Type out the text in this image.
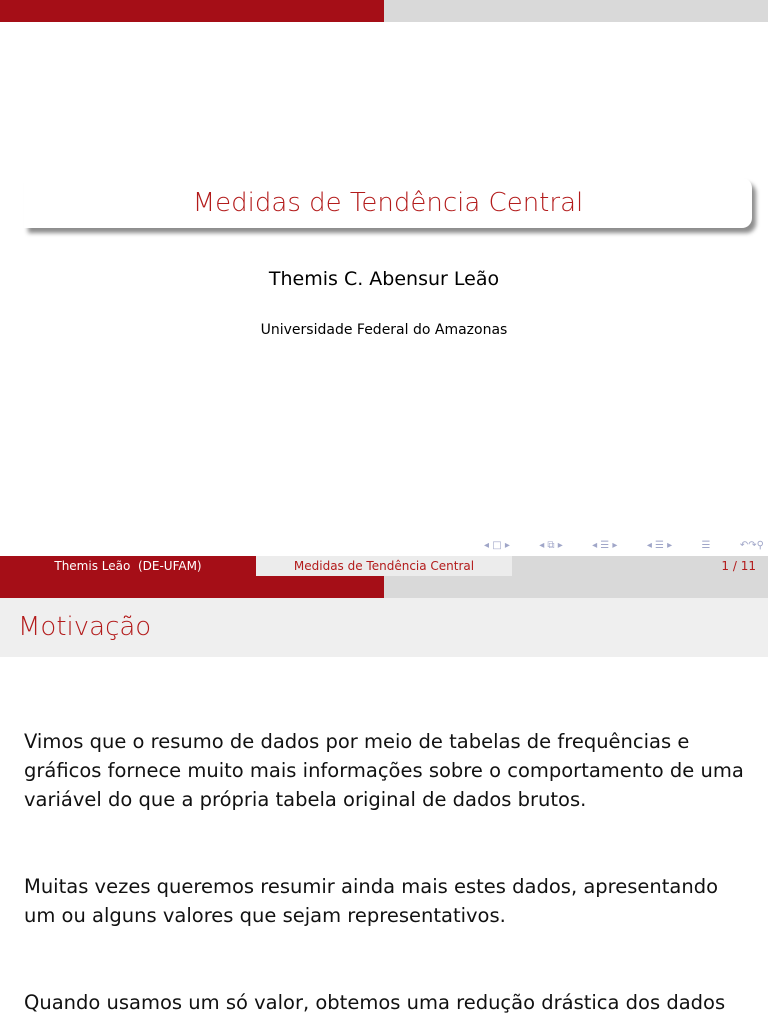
Medidas de Tendência Central
Themis C. Abensur Leão
Universidade Federal do Amazonas
◂ □ ▸	◂ ⧉ ▸	◂ ☰ ▸	◂ ☰ ▸	☰	↶↷⚲
Themis Leão  (DE-UFAM)	Medidas de Tendência Central	1 / 11
Motivação
Vimos que o resumo de dados por meio de tabelas de frequências e gráficos fornece muito mais informações sobre o comportamento de uma variável do que a própria tabela original de dados brutos.
Muitas vezes queremos resumir ainda mais estes dados, apresentando um ou alguns valores que sejam representativos.
Quando usamos um só valor, obtemos uma redução drástica dos dados
